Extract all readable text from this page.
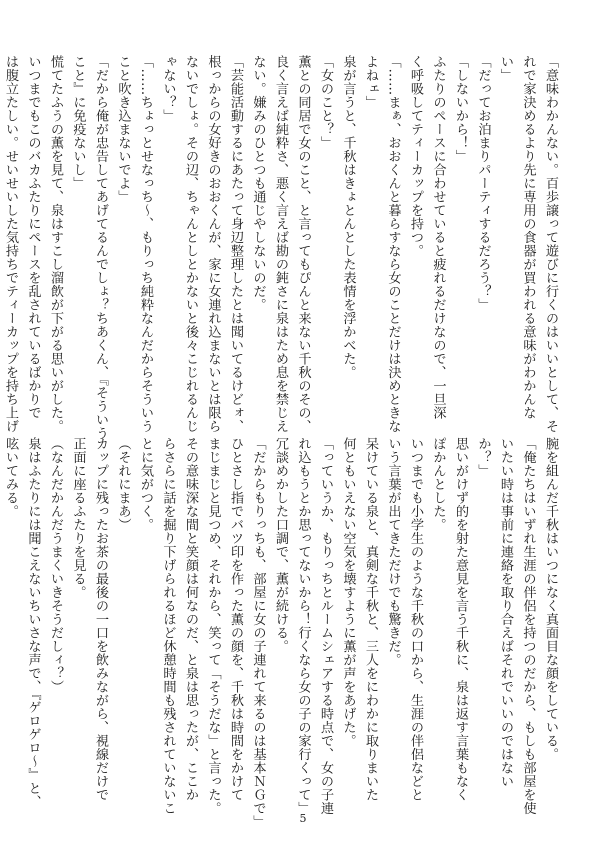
「意味わかんない。百歩譲って遊びに行くのはいいとして、そ
れで家決めるより先に専用の食器が買われる意味がわかんな
い」
「だってお泊まりパーティするだろう？」
「しないから！」
ふたりのペースに合わせていると疲れるだけなので、一旦深
く呼吸してティーカップを持つ。
「……まぁ、おおくんと暮らすなら女のことだけは決めときな
よねェ」
泉が言うと、千秋はきょとんとした表情を浮かべた。
「女のこと？」
薫との同居で女のこと、と言ってもぴんと来ない千秋のその、
良く言えば純粋さ、悪く言えば勘の鈍さに泉はため息を禁じえ
ない。嫌みのひとつも通じやしないのだ。
「芸能活動するにあたって身辺整理したとは聞いてるけどォ、
根っからの女好きのおおくんが、家に女連れ込まないとは限ら
ないでしょ。その辺、ちゃんとしとかないと後々こじれるんじ
ゃない？」
「……ちょっとせなっち〜、もりっち純粋なんだからそういう
こと吹き込まないでよ」
「だから俺が忠告してあげてるんでしょ？ちあくん、『そういう
こと』に免疫ないし」
慌てたふうの薫を見て、泉はすこし溜飲が下がる思いがした。
いつまでもこのバカふたりにペースを乱されているばかりで
は腹立たしい。せいせいした気持ちでティーカップを持ち上げ
腕を組んだ千秋はいつになく真面目な顔をしている。
「俺たちはいずれ生涯の伴侶を持つのだから、もしも部屋を使
いたい時は事前に連絡を取り合えばそれでいいのではない
か？」
思いがけず的を射た意見を言う千秋に、泉は返す言葉もなく
ぽかんとした。
いつまでも小学生のような千秋の口から、生涯の伴侶などと
いう言葉が出てきただけでも驚きだ。
呆けている泉と、真剣な千秋と、三人をにわかに取りまいた
何ともいえない空気を壊すように薫が声をあげた。
「っていうか、もりっちとルームシェアする時点で、女の子連
れ込もうとか思ってないから！行くなら女の子の家行くって」
冗談めかした口調で、薫が続ける。
「だからもりっちも、部屋に女の子連れて来るのは基本ＮＧで」
ひとさし指でバツ印を作った薫の顔を、千秋は時間をかけて
まじまじと見つめ、それから、笑って「そうだな」と言った。
その意味深な間と笑顔は何なのだ、と泉は思ったが、ここか
らさらに話を掘り下げられるほど休憩時間も残されていないこ
とに気がつく。
（それにまあ）
カップに残ったお茶の最後の一口を飲みながら、視線だけで
正面に座るふたりを見る。
（なんだかんだうまくいきそうだしィ？）
泉はふたりには聞こえないちいさな声で、『ゲロゲロ〜』と、
呟いてみる。
5
